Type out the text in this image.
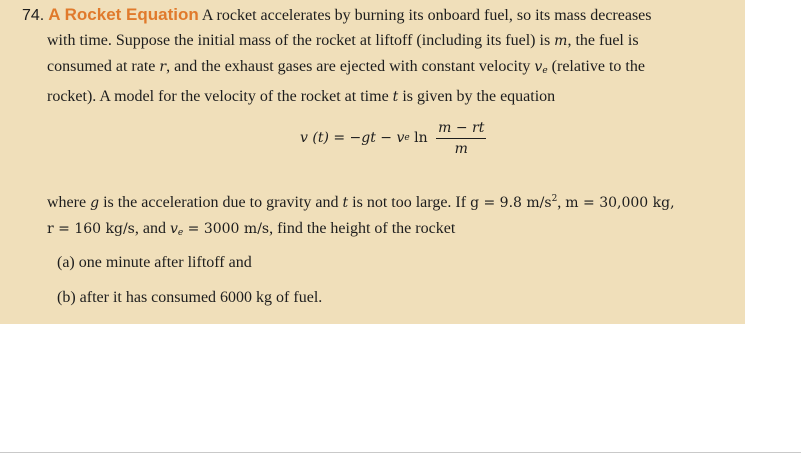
74. A Rocket Equation A rocket accelerates by burning its onboard fuel, so its mass decreases
with time. Suppose the initial mass of the rocket at liftoff (including its fuel) is m, the fuel is
consumed at rate r, and the exhaust gases are ejected with constant velocity $v_e$ (relative to the
rocket). A model for the velocity of the rocket at time t is given by the equation
v (t) = −gt − v e $\ln \frac{m - rt}{m}$
where g is the acceleration due to gravity and t is not too large. If g = 9.8 $m/s^2$, m = 30,000 kg,
r = 160 kg/s, and $v_e = 3000$ m/s, find the height of the rocket
(a) one minute after liftoff and
(b) after it has consumed 6000 kg of fuel.
